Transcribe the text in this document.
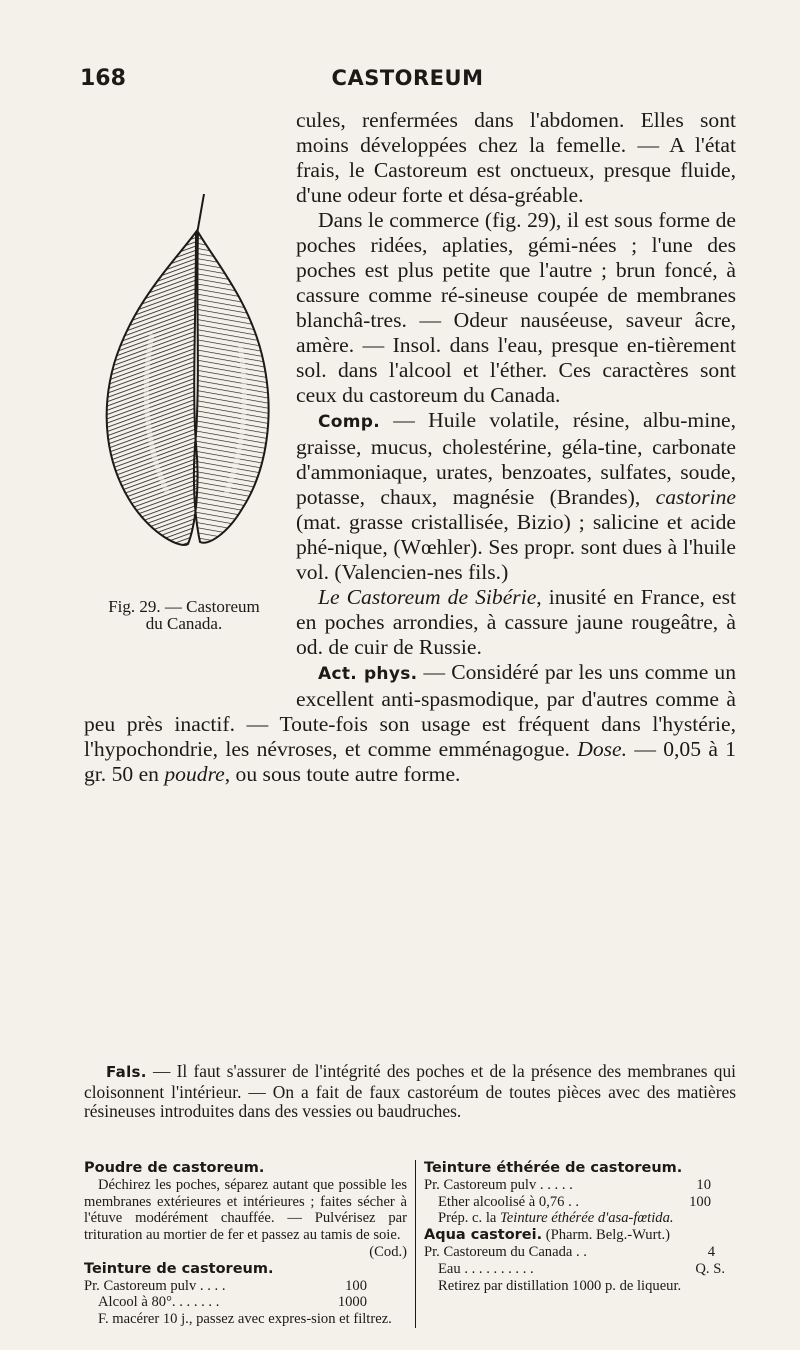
168	CASTOREUM
Fig. 29. — Castoreum
du Canada.

cules, renfermées dans l'abdomen. Elles sont moins développées chez la femelle. — A l'état frais, le Castoreum est onctueux, presque fluide, d'une odeur forte et désa-gréable.

Dans le commerce (fig. 29), il est sous forme de poches ridées, aplaties, gémi-nées ; l'une des poches est plus petite que l'autre ; brun foncé, à cassure comme ré-sineuse coupée de membranes blanchâ-tres. — Odeur nauséeuse, saveur âcre, amère. — Insol. dans l'eau, presque en-tièrement sol. dans l'alcool et l'éther. Ces caractères sont ceux du castoreum du Canada.

Comp. — Huile volatile, résine, albu-mine, graisse, mucus, cholestérine, géla-tine, carbonate d'ammoniaque, urates, benzoates, sulfates, soude, potasse, chaux, magnésie (Brandes), castorine (mat. grasse cristallisée, Bizio) ; salicine et acide phé-nique, (Wœhler). Ses propr. sont dues à l'huile vol. (Valencien-nes fils.)

Le Castoreum de Sibérie, inusité en France, est en poches arrondies, à cassure jaune rougeâtre, à od. de cuir de Russie.

Act. phys. — Considéré par les uns comme un excellent anti-spasmodique, par d'autres comme à peu près inactif. — Toute-fois son usage est fréquent dans l'hystérie, l'hypochondrie, les névroses, et comme emménagogue. Dose. — 0,05 à 1 gr. 50 en poudre, ou sous toute autre forme.

Fals. — Il faut s'assurer de l'intégrité des poches et de la présence des membranes qui cloisonnent l'intérieur. — On a fait de faux castoréum de toutes pièces avec des matières résineuses introduites dans des vessies ou baudruches.

Poudre de castoreum.

Déchirez les poches, séparez autant que possible les membranes extérieures et intérieures ; faites sécher à l'étuve modérément chauffée. — Pulvérisez par trituration au mortier de fer et passez au tamis de soie.
(Cod.)

Teinture de castoreum.

Pr. Castoreum pulv . . . .	100
Alcool à 80°. . . . . . .	1000

F. macérer 10 j., passez avec expres-sion et filtrez.

Teinture éthérée de castoreum.

Pr. Castoreum pulv . . . . .	10
Ether alcoolisé à 0,76 . .	100

Prép. c. la Teinture éthérée d'asa-fœtida.

Aqua castorei. (Pharm. Belg.-Wurt.)

Pr. Castoreum du Canada . .	4
Eau . . . . . . . . . .	Q. S.

Retirez par distillation 1000 p. de liqueur.
